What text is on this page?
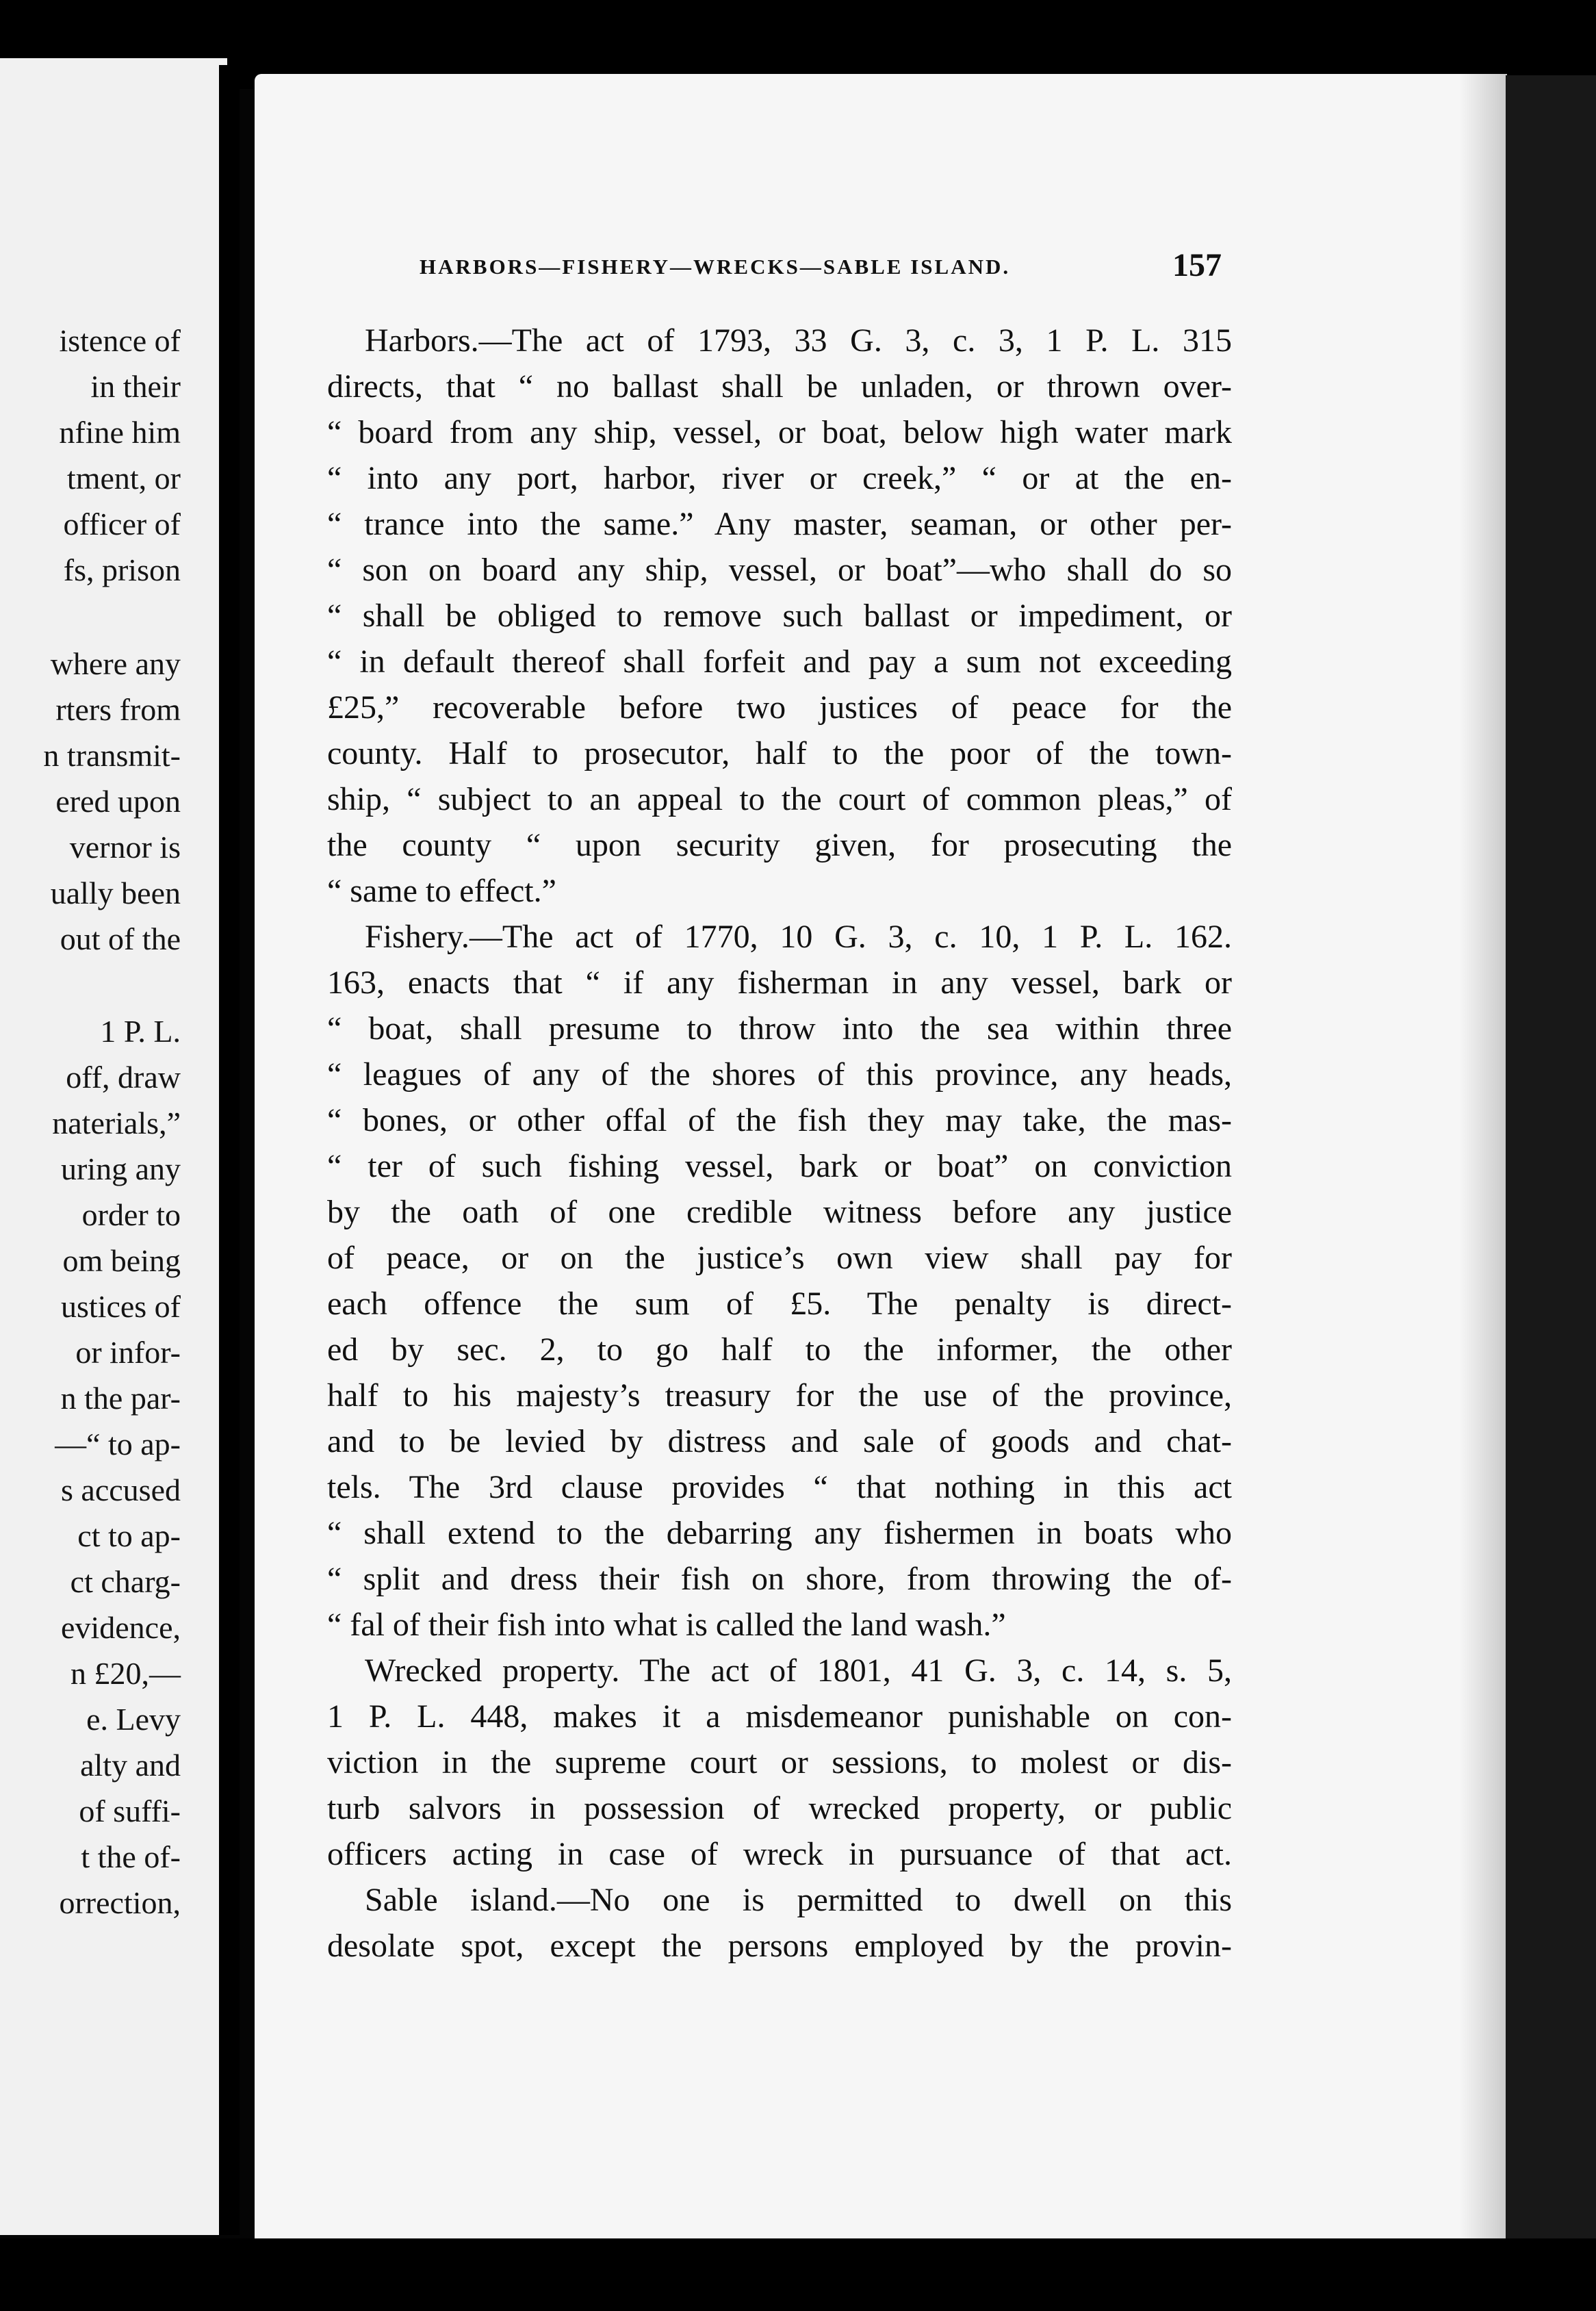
istence of
in their
nfine him
tment, or
officer of
fs, prison
where any
rters from
n transmit-
ered upon
vernor is
ually been
out of the
1 P. L.
off, draw
naterials,”
uring any
order to
om being
ustices of
or infor-
n the par-
—“ to ap-
s accused
ct to ap-
ct charg-
evidence,
n £20,—
e. Levy
alty and
of suffi-
t the of-
orrection,
HARBORS—FISHERY—WRECKS—SABLE ISLAND.	157
Harbors.—The act of 1793, 33 G. 3, c. 3, 1 P. L. 315
directs, that “ no ballast shall be unladen, or thrown over-
“ board from any ship, vessel, or boat, below high water mark
“ into any port, harbor, river or creek,” “ or at the en-
“ trance into the same.” Any master, seaman, or other per-
“ son on board any ship, vessel, or boat”—who shall do so
“ shall be obliged to remove such ballast or impediment, or
“ in default thereof shall forfeit and pay a sum not exceeding
£25,” recoverable before two justices of peace for the
county. Half to prosecutor, half to the poor of the town-
ship, “ subject to an appeal to the court of common pleas,” of
the county “ upon security given, for prosecuting the
“ same to effect.”
Fishery.—The act of 1770, 10 G. 3, c. 10, 1 P. L. 162.
163, enacts that “ if any fisherman in any vessel, bark or
“ boat, shall presume to throw into the sea within three
“ leagues of any of the shores of this province, any heads,
“ bones, or other offal of the fish they may take, the mas-
“ ter of such fishing vessel, bark or boat” on conviction
by the oath of one credible witness before any justice
of peace, or on the justice’s own view shall pay for
each offence the sum of £5. The penalty is direct-
ed by sec. 2, to go half to the informer, the other
half to his majesty’s treasury for the use of the province,
and to be levied by distress and sale of goods and chat-
tels. The 3rd clause provides “ that nothing in this act
“ shall extend to the debarring any fishermen in boats who
“ split and dress their fish on shore, from throwing the of-
“ fal of their fish into what is called the land wash.”
Wrecked property. The act of 1801, 41 G. 3, c. 14, s. 5,
1 P. L. 448, makes it a misdemeanor punishable on con-
viction in the supreme court or sessions, to molest or dis-
turb salvors in possession of wrecked property, or public
officers acting in case of wreck in pursuance of that act.
Sable island.—No one is permitted to dwell on this
desolate spot, except the persons employed by the provin-
